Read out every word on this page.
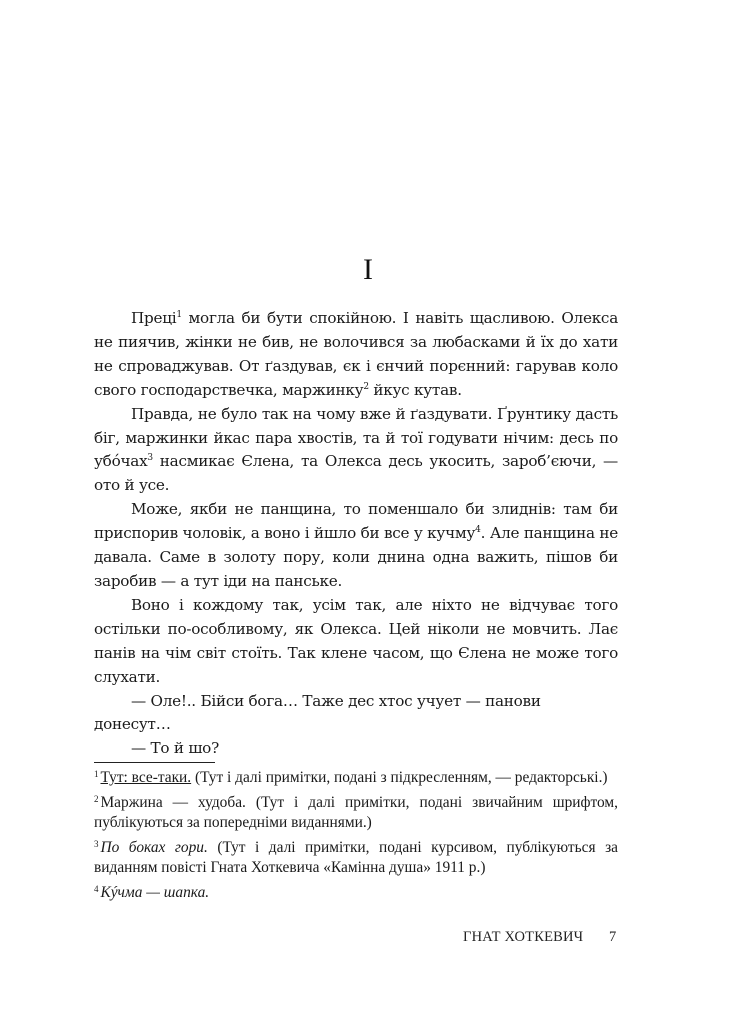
I

Преці$^1$ могла би бути спокійною. І навіть щасливою. Олекса не пиячив, жінки не бив, не волочився за любасками й їх до хати не спроваджував. От ґаздував, єк і єнчий порєнний: гарував коло свого господарствечка, маржинку$^2$ йкус кутав.

Правда, не було так на чому вже й ґаздувати. Ґрунтику дасть біг, маржинки йкас пара хвостів, та й тої годувати нічим: десь по убóчах$^3$ насмикає Єлена, та Олекса десь укосить, зароб’єючи, — ото й усе.

Може, якби не панщина, то поменшало би злиднів: там би приспорив чоловік, а воно і йшло би все у кучму$^4$. Але панщина не давала. Саме в золоту пору, коли днина одна важить, пішов би заробив — а тут іди на панське.

Воно і кождому так, усім так, але ніхто не відчуває того остільки по-особливому, як Олекса. Цей ніколи не мовчить. Лає панів на чім світ стоїть. Так клене часом, що Єлена не може того слухати.

— Оле!.. Бійси бога… Таже дес хтос учует — панови донесут…

— То й шо?

$^1$ Тут: все-таки. (Тут і далі примітки, подані з підкресленням, — редакторські.)

$^2$ Маржина — худоба. (Тут і далі примітки, подані звичайним шрифтом, публікуються за попередніми виданнями.)

$^3$ По боках гори. (Тут і далі примітки, подані курсивом, публікуються за виданням повісті Гната Хоткевича «Камінна душа» 1911 р.)

$^4$ Кýчма — шапка.

ГНАТ ХОТКЕВИЧ 7
